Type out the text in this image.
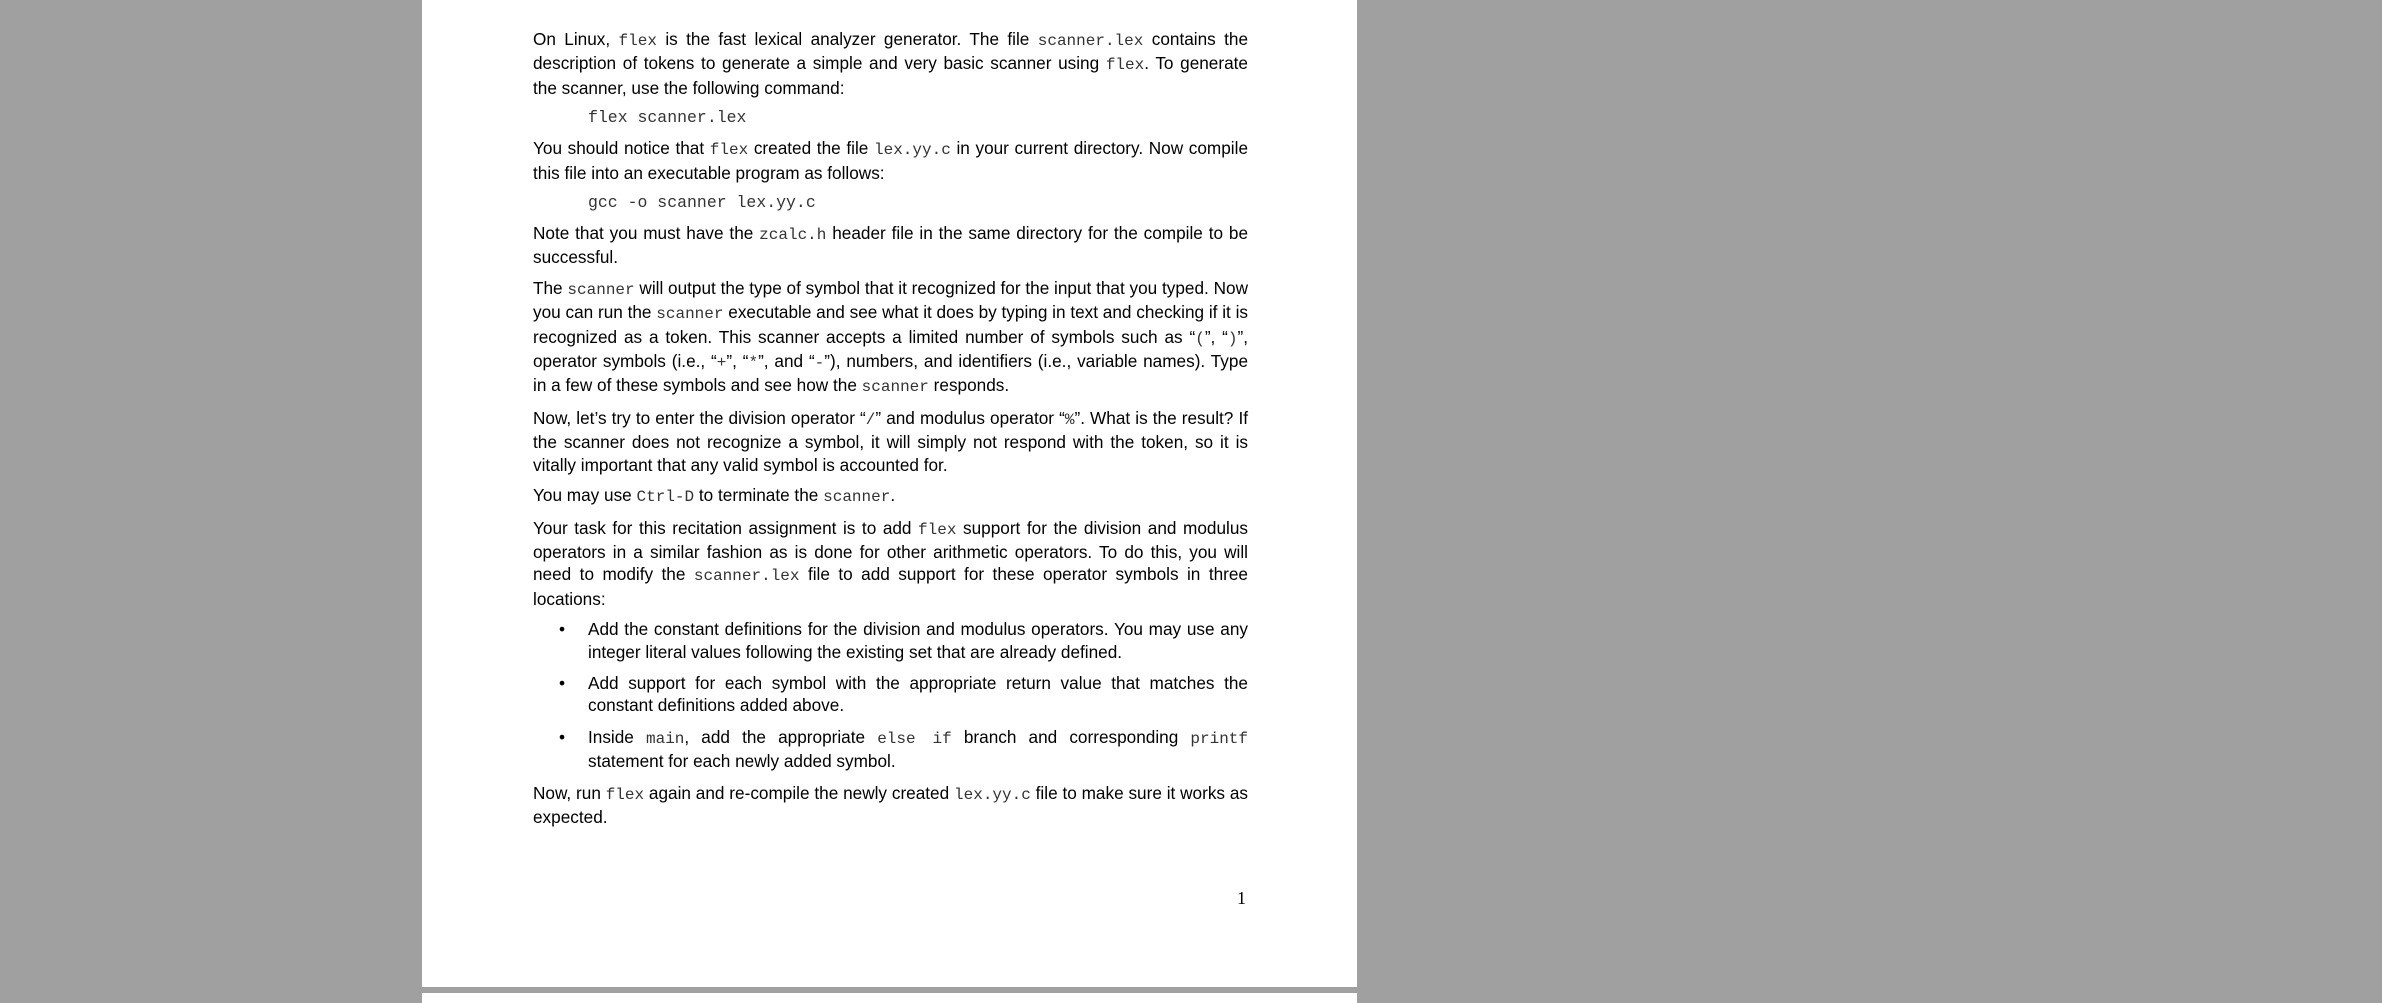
On Linux, flex is the fast lexical analyzer generator. The file scanner.lex contains the description of tokens to generate a simple and very basic scanner using flex. To generate the scanner, use the following command:

flex scanner.lex

You should notice that flex created the file lex.yy.c in your current directory. Now compile this file into an executable program as follows:

gcc -o scanner lex.yy.c

Note that you must have the zcalc.h header file in the same directory for the compile to be successful.

The scanner will output the type of symbol that it recognized for the input that you typed. Now you can run the scanner executable and see what it does by typing in text and checking if it is recognized as a token. This scanner accepts a limited number of symbols such as “(”, “)”, operator symbols (i.e., “+”, “*”, and “-”), numbers, and identifiers (i.e., variable names). Type in a few of these symbols and see how the scanner responds.

Now, let’s try to enter the division operator “/” and modulus operator “%”. What is the result? If the scanner does not recognize a symbol, it will simply not respond with the token, so it is vitally important that any valid symbol is accounted for.

You may use Ctrl-D to terminate the scanner.

Your task for this recitation assignment is to add flex support for the division and modulus operators in a similar fashion as is done for other arithmetic operators. To do this, you will need to modify the scanner.lex file to add support for these operator symbols in three locations:

• Add the constant definitions for the division and modulus operators. You may use any integer literal values following the existing set that are already defined.
• Add support for each symbol with the appropriate return value that matches the constant definitions added above.
• Inside main, add the appropriate else if branch and corresponding printf statement for each newly added symbol.

Now, run flex again and re-compile the newly created lex.yy.c file to make sure it works as expected.

1
